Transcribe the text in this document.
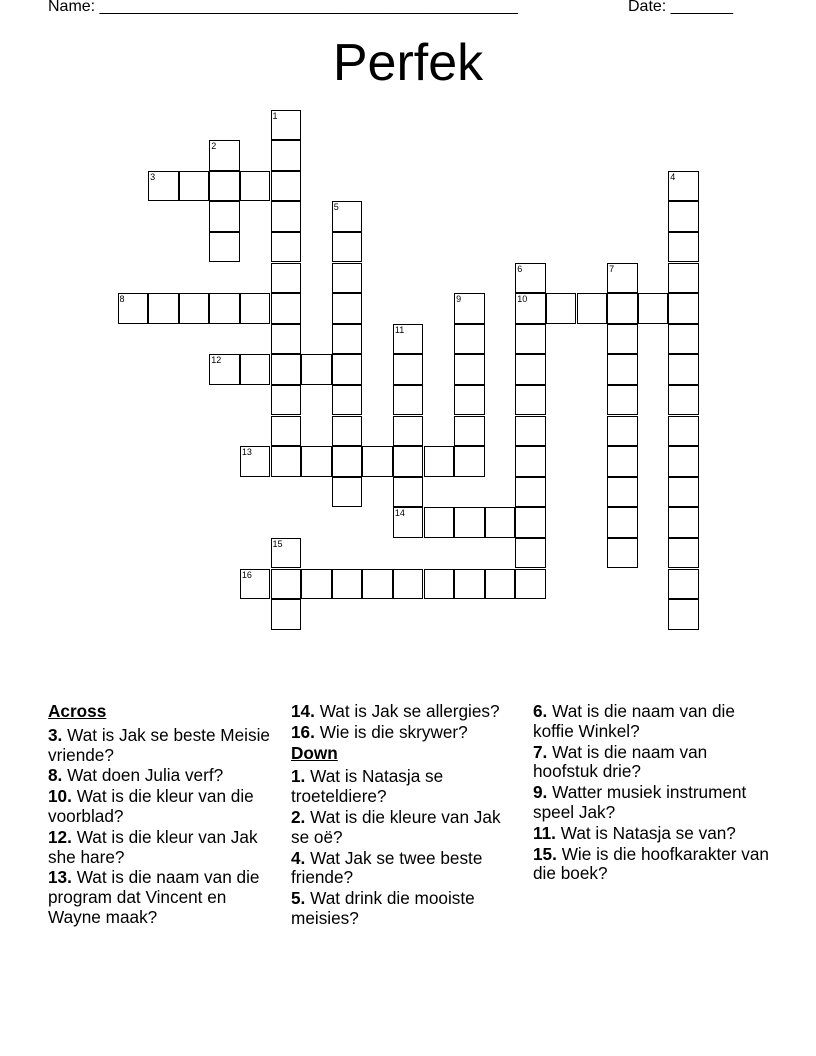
Name: _______________________________________________	Date: _______
Perfek
3
8	10
12
13
14
16
1
2
4
5
6	7
9
11
15
Across
3. Wat is Jak se beste Meisie vriende?
8. Wat doen Julia verf?
10. Wat is die kleur van die voorblad?
12. Wat is die kleur van Jak she hare?
13. Wat is die naam van die program dat Vincent en Wayne maak?
14. Wat is Jak se allergies?
16. Wie is die skrywer?
Down
1. Wat is Natasja se troeteldiere?
2. Wat is die kleure van Jak se oë?
4. Wat Jak se twee beste friende?
5. Wat drink die mooiste meisies?
6. Wat is die naam van die koffie Winkel?
7. Wat is die naam van hoofstuk drie?
9. Watter musiek instrument speel Jak?
11. Wat is Natasja se van?
15. Wie is die hoofkarakter van die boek?
